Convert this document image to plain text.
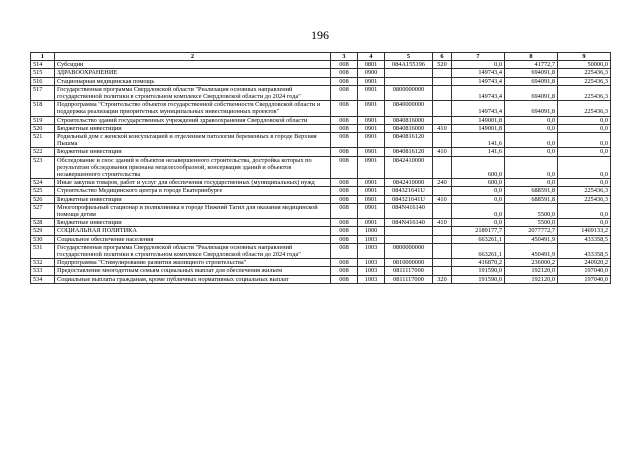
196
1	2	3	4	5	6	7	8	9
514	Субсидии	008	0801	084A155196	520	0,0	41772,7	50000,0
515	ЗДРАВООХРАНЕНИЕ	008	0900			149743,4	694091,8	225436,3
516	Стационарная медицинская помощь	008	0901			149743,4	694091,8	225436,3
517	Государственная программа Свердловской области "Реализация основных направлений государственной политики в строительном комплексе Свердловской области до 2024 года"	008	0901	0800000000		149743,4	694091,8	225436,3
518	Подпрограмма "Строительство объектов государственной собственности Свердловской области и поддержка реализации приоритетных муниципальных инвестиционных проектов"	008	0901	0840000000		149743,4	694091,8	225436,3
519	Строительство зданий государственных учреждений здравоохранения Свердловской области	008	0901	0840816000		149001,8	0,0	0,0
520	Бюджетные инвестиции	008	0901	0840816000	410	149001,8	0,0	0,0
521	Родильный дом с женской консультацией и отделением патологии беременных в городе Верхняя Пышма	008	0901	0840816120		141,6	0,0	0,0
522	Бюджетные инвестиции	008	0901	0840816120	410	141,6	0,0	0,0
523	Обследование и снос зданий и объектов незавершенного строительства, достройка которых по результатам обследования признана нецелесообразной, консервация зданий и объектов незавершенного строительства	008	0901	0842410000		600,0	0,0	0,0
524	Иные закупки товаров, работ и услуг для обеспечения государственных (муниципальных) нужд	008	0901	0842410000	240	600,0	0,0	0,0
525	Строительство Медицинского центра в городе Екатеринбурге	008	0901	084321641U		0,0	688591,8	225436,3
526	Бюджетные инвестиции	008	0901	084321641U	410	0,0	688591,8	225436,3
527	Многопрофильный стационар и поликлиника в городе Нижний Тагил для оказания медицинской помощи детям	008	0901	084N416140		0,0	5500,0	0,0
528	Бюджетные инвестиции	008	0901	084N416140	410	0,0	5500,0	0,0
529	СОЦИАЛЬНАЯ ПОЛИТИКА	008	1000			2189177,7	2077772,7	1469133,2
530	Социальное обеспечение населения	008	1003			663261,1	450491,9	433358,5
531	Государственная программа Свердловской области "Реализация основных направлений государственной политики в строительном комплексе Свердловской области до 2024 года"	008	1003	0800000000		663261,1	450491,9	433358,5
532	Подпрограмма "Стимулирование развития жилищного строительства"	008	1003	0810000000		416870,2	236000,2	240920,2
533	Предоставление многодетным семьям социальных выплат для обеспечения жильем	008	1003	0811117000		191590,0	192120,0	197040,0
534	Социальные выплаты гражданам, кроме публичных нормативных социальных выплат	008	1003	0811117000	320	191590,0	192120,0	197040,0
